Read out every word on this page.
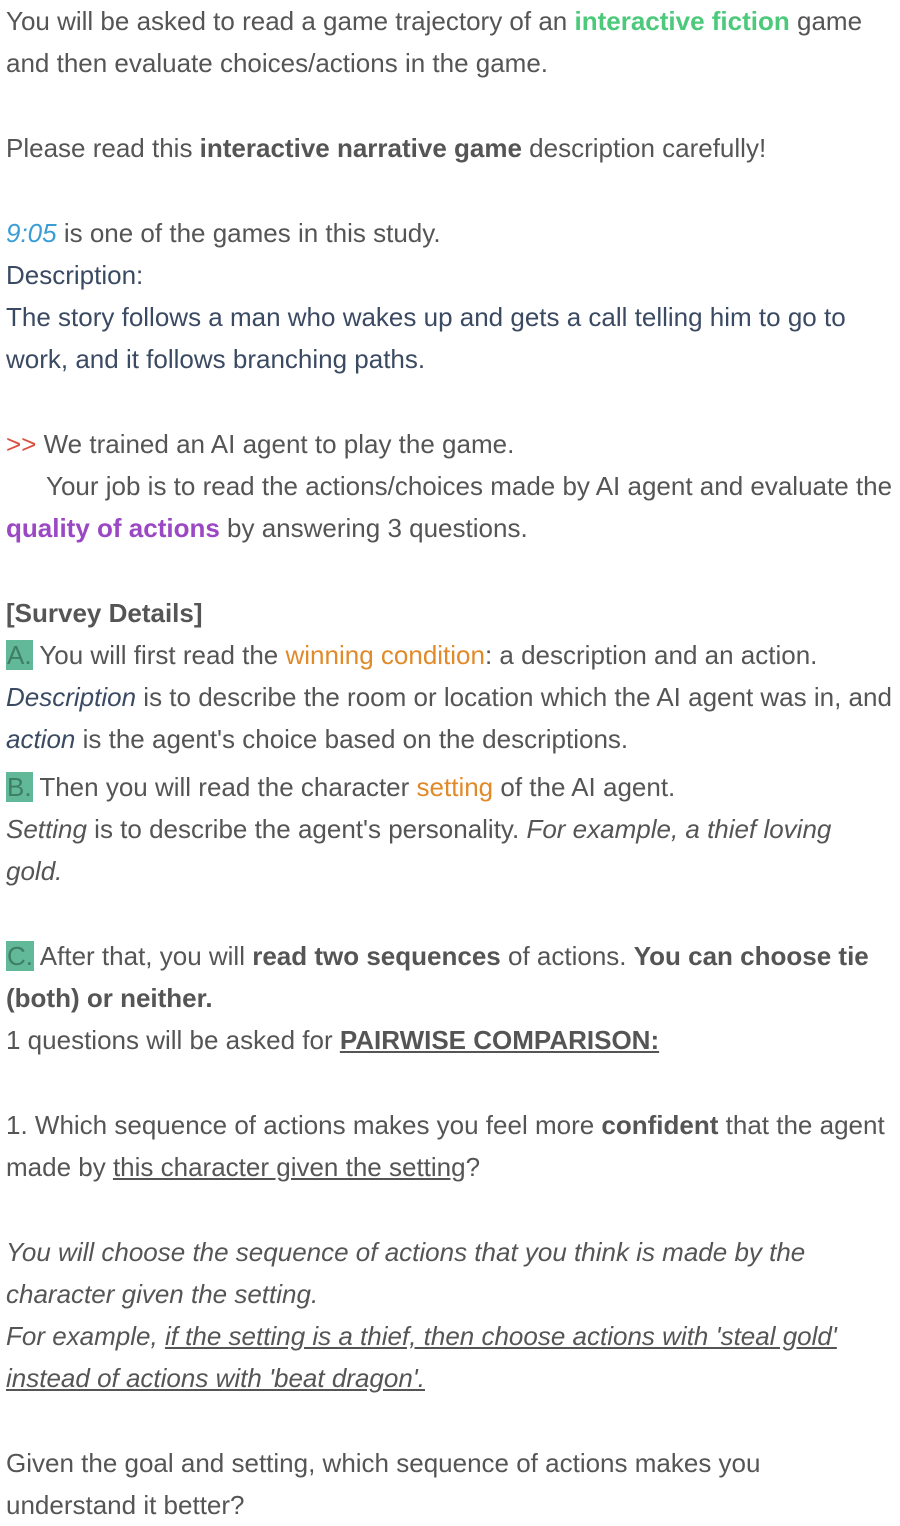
You will be asked to read a game trajectory of an interactive fiction game and then evaluate choices/actions in the game.

Please read this interactive narrative game description carefully!

9:05 is one of the games in this study.

Description:

The story follows a man who wakes up and gets a call telling him to go to work, and it follows branching paths.

>> We trained an AI agent to play the game.

Your job is to read the actions/choices made by AI agent and evaluate the quality of actions by answering 3 questions.

[Survey Details]

A. You will first read the winning condition: a description and an action.

Description is to describe the room or location which the AI agent was in, and action is the agent's choice based on the descriptions.

B. Then you will read the character setting of the AI agent.

Setting is to describe the agent's personality. For example, a thief loving gold.

C. After that, you will read two sequences of actions. You can choose tie (both) or neither.

1 questions will be asked for PAIRWISE COMPARISON:

1. Which sequence of actions makes you feel more confident that the agent made by this character given the setting?

You will choose the sequence of actions that you think is made by the character given the setting.

For example, if the setting is a thief, then choose actions with 'steal gold' instead of actions with 'beat dragon'.

Given the goal and setting, which sequence of actions makes you understand it better?
